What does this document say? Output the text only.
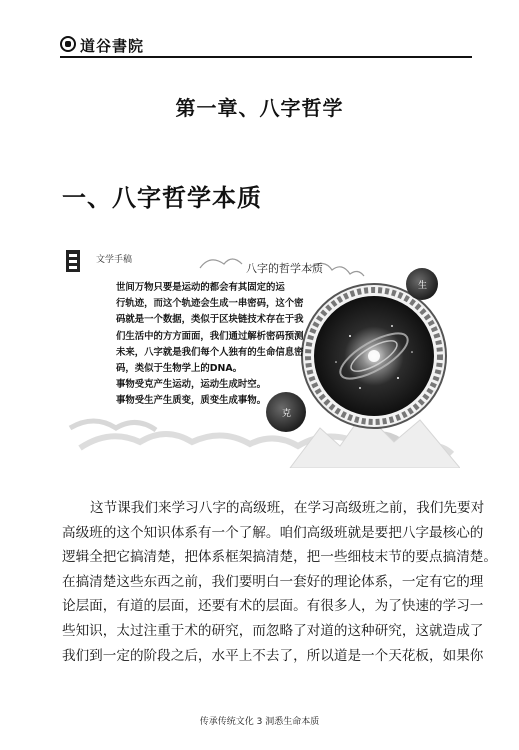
道谷書院
第一章、八字哲学
一、八字哲学本质
文学手稿
八字的哲学本质
生
克
世间万物只要是运动的都会有其固定的运
行轨迹，而这个轨迹会生成一串密码，这个密
码就是一个数据，类似于区块链技术存在于我
们生活中的方方面面，我们通过解析密码预测
未来，八字就是我们每个人独有的生命信息密
码，类似于生物学上的DNA。
事物受克产生运动，运动生成时空。
事物受生产生质变，质变生成事物。
这节课我们来学习八字的高级班，在学习高级班之前，我们先要对
高级班的这个知识体系有一个了解。咱们高级班就是要把八字最核心的
逻辑全把它搞清楚，把体系框架搞清楚，把一些细枝末节的要点搞清楚。
在搞清楚这些东西之前，我们要明白一套好的理论体系，一定有它的理
论层面，有道的层面，还要有术的层面。有很多人，为了快速的学习一
些知识，太过注重于术的研究，而忽略了对道的这种研究，这就造成了
我们到一定的阶段之后，水平上不去了，所以道是一个天花板，如果你
传承传统文化 3 洞悉生命本质
